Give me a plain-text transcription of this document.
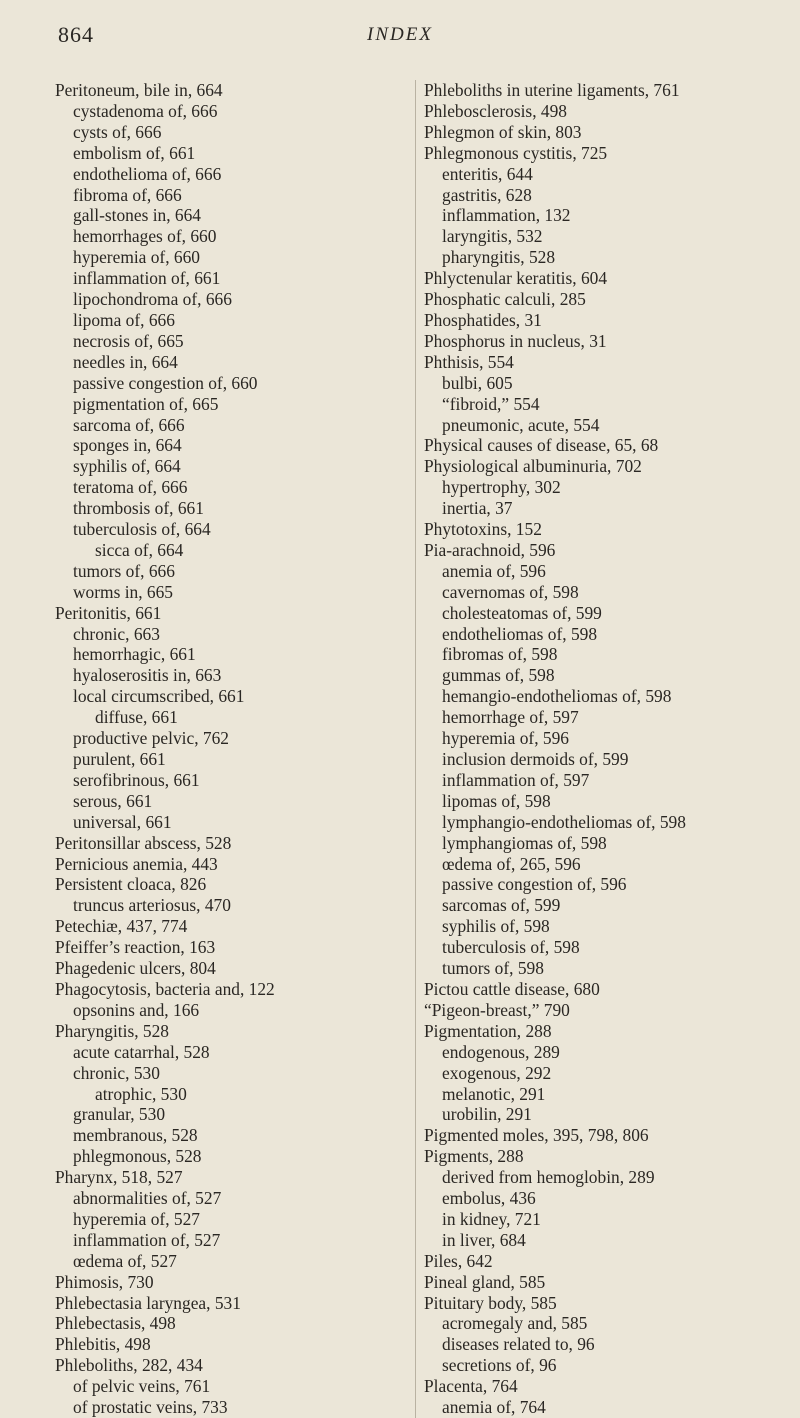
864	INDEX
Peritoneum, bile in, 664
cystadenoma of, 666
cysts of, 666
embolism of, 661
endothelioma of, 666
fibroma of, 666
gall-stones in, 664
hemorrhages of, 660
hyperemia of, 660
inflammation of, 661
lipochondroma of, 666
lipoma of, 666
necrosis of, 665
needles in, 664
passive congestion of, 660
pigmentation of, 665
sarcoma of, 666
sponges in, 664
syphilis of, 664
teratoma of, 666
thrombosis of, 661
tuberculosis of, 664
sicca of, 664
tumors of, 666
worms in, 665
Peritonitis, 661
chronic, 663
hemorrhagic, 661
hyaloserositis in, 663
local circumscribed, 661
diffuse, 661
productive pelvic, 762
purulent, 661
serofibrinous, 661
serous, 661
universal, 661
Peritonsillar abscess, 528
Pernicious anemia, 443
Persistent cloaca, 826
truncus arteriosus, 470
Petechiæ, 437, 774
Pfeiffer’s reaction, 163
Phagedenic ulcers, 804
Phagocytosis, bacteria and, 122
opsonins and, 166
Pharyngitis, 528
acute catarrhal, 528
chronic, 530
atrophic, 530
granular, 530
membranous, 528
phlegmonous, 528
Pharynx, 518, 527
abnormalities of, 527
hyperemia of, 527
inflammation of, 527
œdema of, 527
Phimosis, 730
Phlebectasia laryngea, 531
Phlebectasis, 498
Phlebitis, 498
Phleboliths, 282, 434
of pelvic veins, 761
of prostatic veins, 733
Phleboliths in uterine ligaments, 761
Phlebosclerosis, 498
Phlegmon of skin, 803
Phlegmonous cystitis, 725
enteritis, 644
gastritis, 628
inflammation, 132
laryngitis, 532
pharyngitis, 528
Phlyctenular keratitis, 604
Phosphatic calculi, 285
Phosphatides, 31
Phosphorus in nucleus, 31
Phthisis, 554
bulbi, 605
“fibroid,” 554
pneumonic, acute, 554
Physical causes of disease, 65, 68
Physiological albuminuria, 702
hypertrophy, 302
inertia, 37
Phytotoxins, 152
Pia-arachnoid, 596
anemia of, 596
cavernomas of, 598
cholesteatomas of, 599
endotheliomas of, 598
fibromas of, 598
gummas of, 598
hemangio-endotheliomas of, 598
hemorrhage of, 597
hyperemia of, 596
inclusion dermoids of, 599
inflammation of, 597
lipomas of, 598
lymphangio-endotheliomas of, 598
lymphangiomas of, 598
œdema of, 265, 596
passive congestion of, 596
sarcomas of, 599
syphilis of, 598
tuberculosis of, 598
tumors of, 598
Pictou cattle disease, 680
“Pigeon-breast,” 790
Pigmentation, 288
endogenous, 289
exogenous, 292
melanotic, 291
urobilin, 291
Pigmented moles, 395, 798, 806
Pigments, 288
derived from hemoglobin, 289
embolus, 436
in kidney, 721
in liver, 684
Piles, 642
Pineal gland, 585
Pituitary body, 585
acromegaly and, 585
diseases related to, 96
secretions of, 96
Placenta, 764
anemia of, 764
